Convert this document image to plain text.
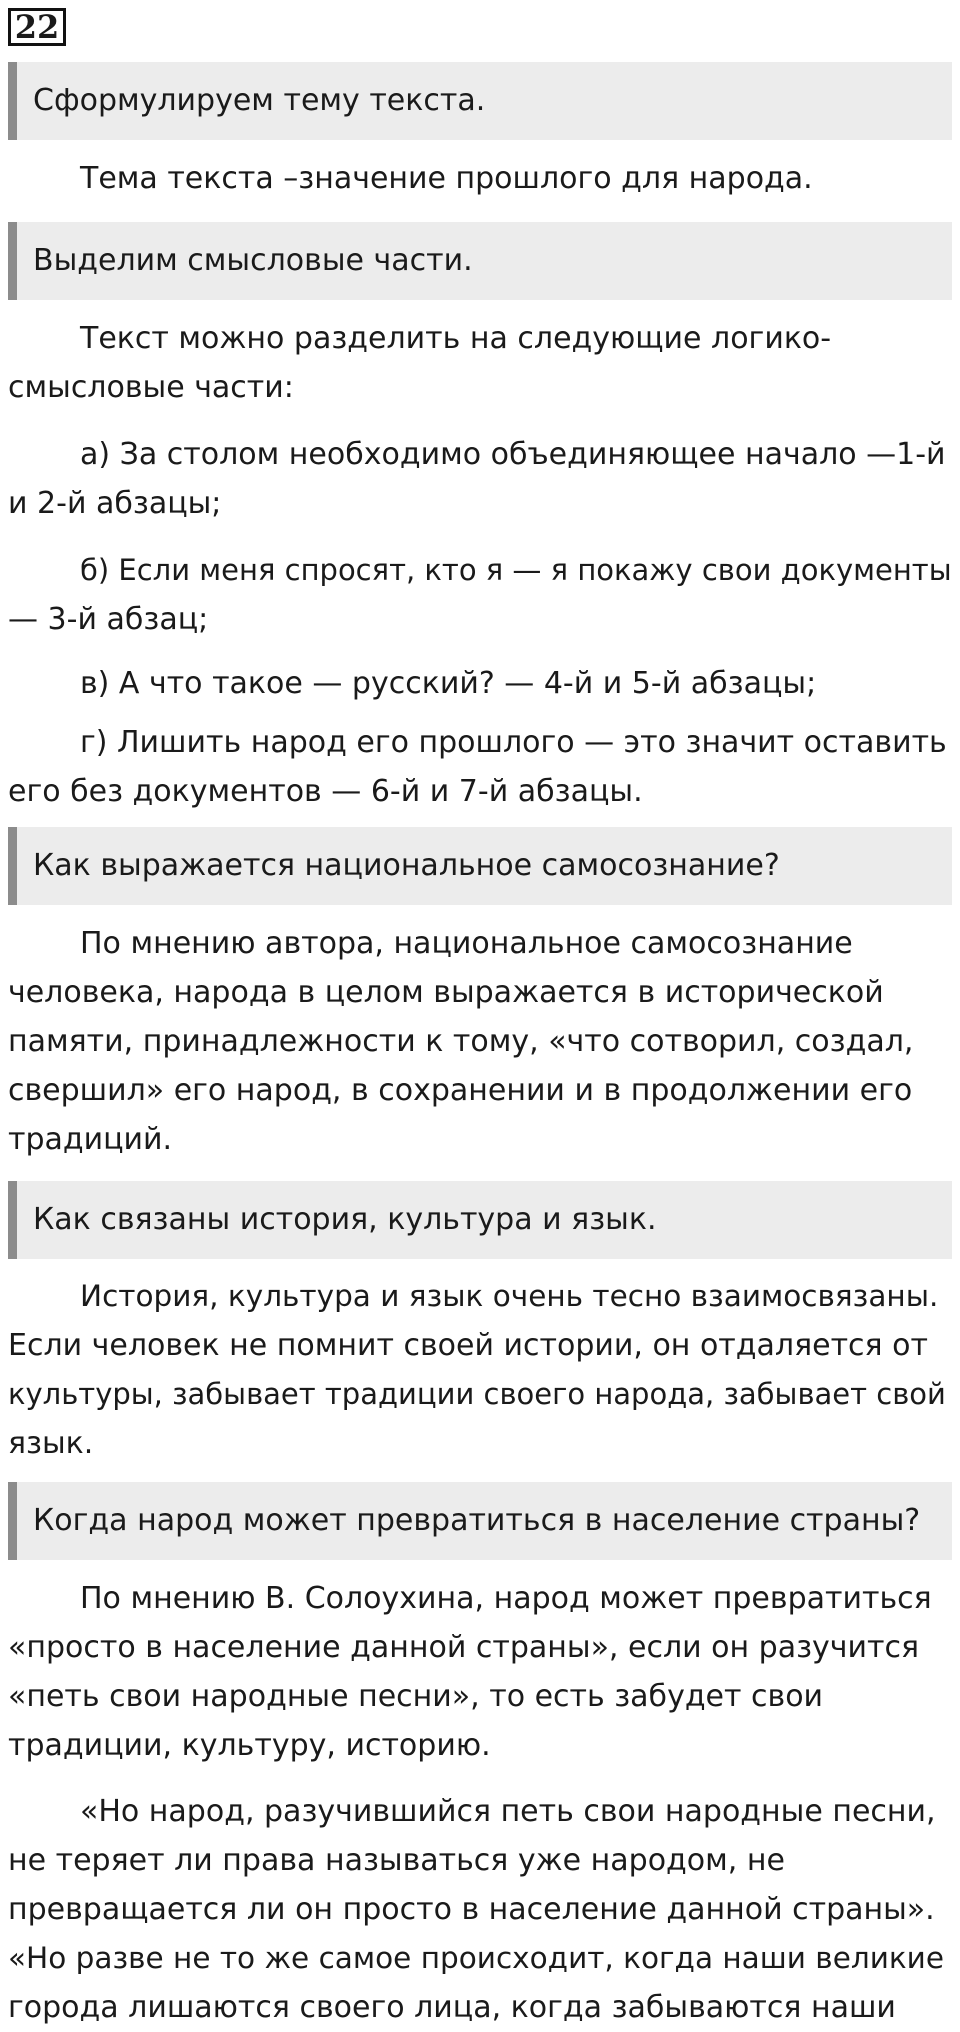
22
Сформулируем тему текста.
Тема текста –значение прошлого для народа.
Выделим смысловые части.
Текст можно разделить на следующие логико-
смысловые части:
а) За столом необходимо объединяющее начало —1-й
и 2-й абзацы;
б) Если меня спросят, кто я — я покажу свои документы
— 3-й абзац;
в) А что такое — русский? — 4-й и 5-й абзацы;
г) Лишить народ его прошлого — это значит оставить
его без документов — 6-й и 7-й абзацы.
Как выражается национальное самосознание?
По мнению автора, национальное самосознание
человека, народа в целом выражается в исторической
памяти, принадлежности к тому, «что сотворил, создал,
свершил» его народ, в сохранении и в продолжении его
традиций.
Как связаны история, культура и язык.
История, культура и язык очень тесно взаимосвязаны.
Если человек не помнит своей истории, он отдаляется от
культуры, забывает традиции своего народа, забывает свой
язык.
Когда народ может превратиться в население страны?
По мнению В. Солоухина, народ может превратиться
«просто в население данной страны», если он разучится
«петь свои народные песни», то есть забудет свои
традиции, культуру, историю.
«Но народ, разучившийся петь свои народные песни,
не теряет ли права называться уже народом, не
превращается ли он просто в население данной страны».
«Но разве не то же самое происходит, когда наши великие
города лишаются своего лица, когда забываются наши
